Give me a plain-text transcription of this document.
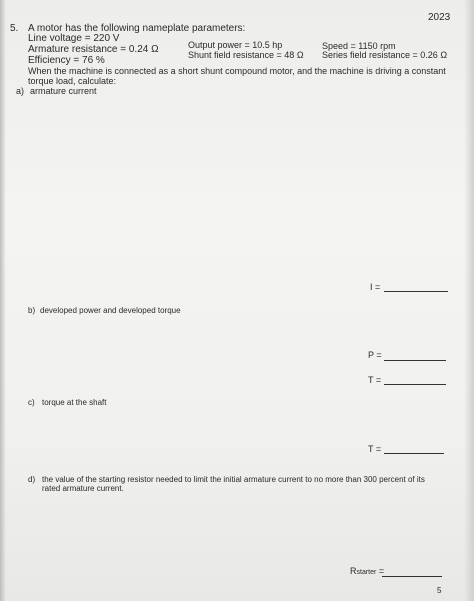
2023
5. A motor has the following nameplate parameters:
Line voltage = 220 V
Armature resistance = 0.24 Ω
Efficiency = 76 %
Output power = 10.5 hp
Shunt field resistance = 48 Ω
Speed = 1150 rpm
Series field resistance = 0.26 Ω
When the machine is connected as a short shunt compound motor, and the machine is driving a constant
torque load, calculate:
a) armature current
I =
b) developed power and developed torque
P =
T =
c) torque at the shaft
T =
d) the value of the starting resistor needed to limit the initial armature current to no more than 300 percent of its
rated armature current.
Rstarter =
5
